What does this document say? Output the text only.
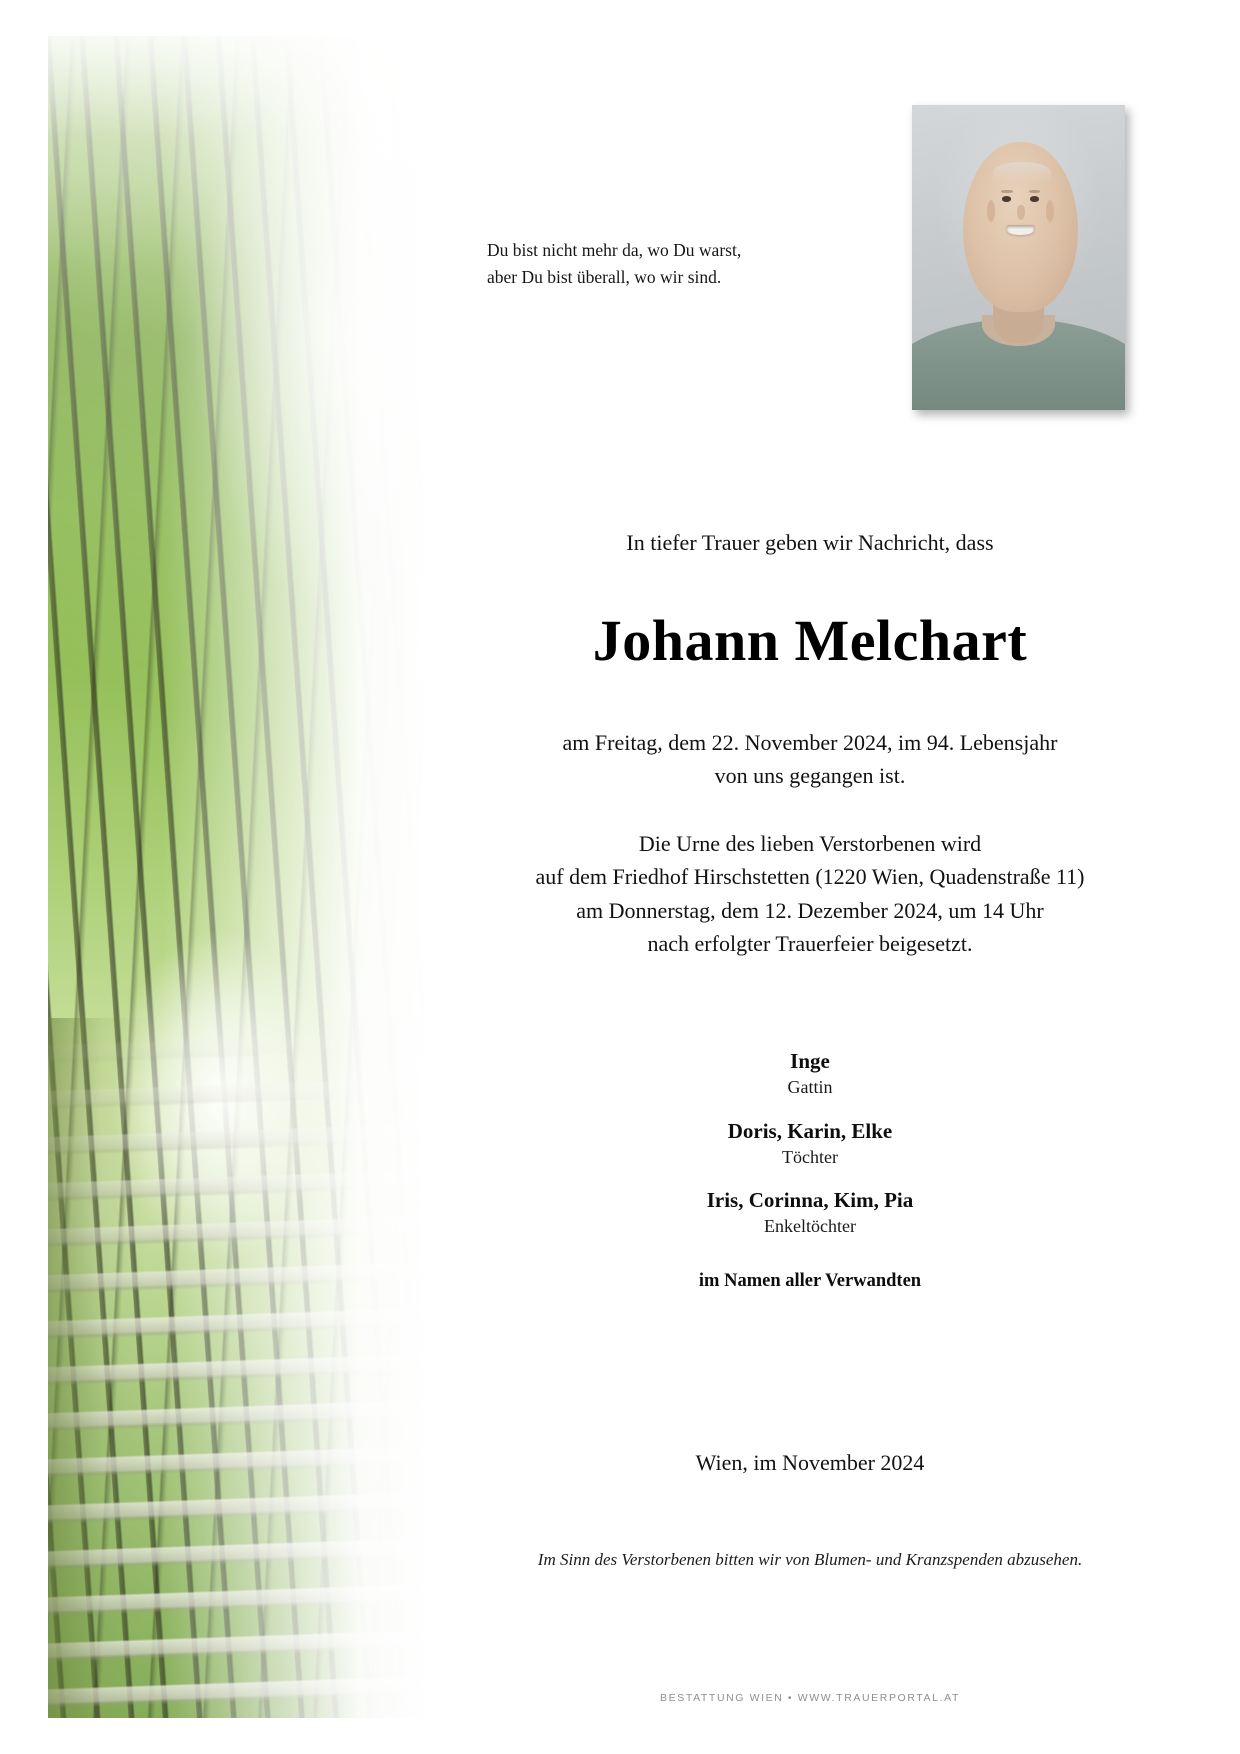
Du bist nicht mehr da, wo Du warst,
aber Du bist überall, wo wir sind.
In tiefer Trauer geben wir Nachricht, dass
Johann Melchart
am Freitag, dem 22. November 2024, im 94. Lebensjahr
von uns gegangen ist.
Die Urne des lieben Verstorbenen wird
auf dem Friedhof Hirschstetten (1220 Wien, Quadenstraße 11)
am Donnerstag, dem 12. Dezember 2024, um 14 Uhr
nach erfolgter Trauerfeier beigesetzt.
Inge
Gattin
Doris, Karin, Elke
Töchter
Iris, Corinna, Kim, Pia
Enkeltöchter
im Namen aller Verwandten
Wien, im November 2024
Im Sinn des Verstorbenen bitten wir von Blumen- und Kranzspenden abzusehen.
BESTATTUNG WIEN • WWW.TRAUERPORTAL.AT
